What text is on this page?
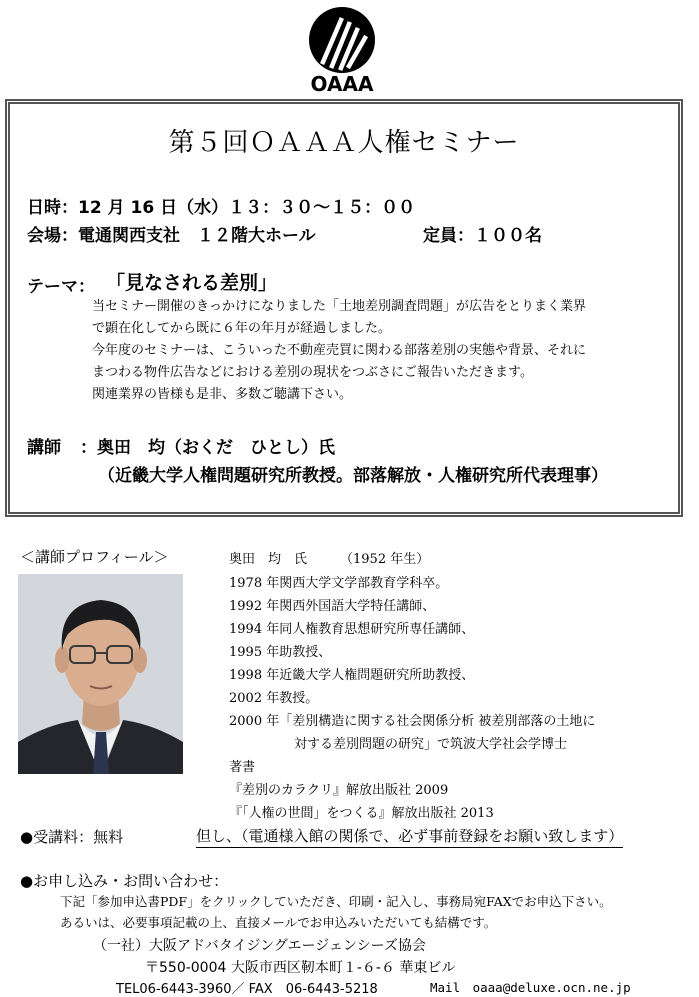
OAAA
第５回ＯＡＡＡ人権セミナー
日時：12 月 16 日（水）１３：３０～１５：００
会場：電通関西支社　１２階大ホール	定員：１００名
テーマ： 「見なされる差別」
当セミナー開催のきっかけになりました「土地差別調査問題」が広告をとりまく業界
で顕在化してから既に６年の年月が経過しました。
今年度のセミナーは、こういった不動産売買に関わる部落差別の実態や背景、それに
まつわる物件広告などにおける差別の現状をつぶさにご報告いただきます。
関連業界の皆様も是非、多数ご聴講下さい。
講師 ：奥田　均（おくだ　ひとし）氏
（近畿大学人権問題研究所教授。部落解放・人権研究所代表理事）
＜講師プロフィール＞	奥田　均　氏	（1952 年生）
1978 年関西大学文学部教育学科卒。
1992 年関西外国語大学特任講師、
1994 年同人権教育思想研究所専任講師、
1995 年助教授、
1998 年近畿大学人権問題研究所助教授、
2002 年教授。
2000 年「差別構造に関する社会関係分析 被差別部落の土地に
　　　　　対する差別問題の研究」で筑波大学社会学博士
著書
『差別のカラクリ』解放出版社 2009
『「人権の世間」をつくる』解放出版社 2013
●受講料：無料	但し、（電通様入館の関係で、必ず事前登録をお願い致します）
●お申し込み・お問い合わせ：
下記「参加申込書PDF」をクリックしていただき、印刷・記入し、事務局宛FAXでお申込下さい。
あるいは、必要事項記載の上、直接メールでお申込みいただいても結構です。
（一社）大阪アドバタイジングエージェンシーズ協会
〒550-0004 大阪市西区靭本町１-６-６ 華東ビル
TEL06-6443-3960／ FAX　06-6443-5218	Mail　oaaa@deluxe.ocn.ne.jp
